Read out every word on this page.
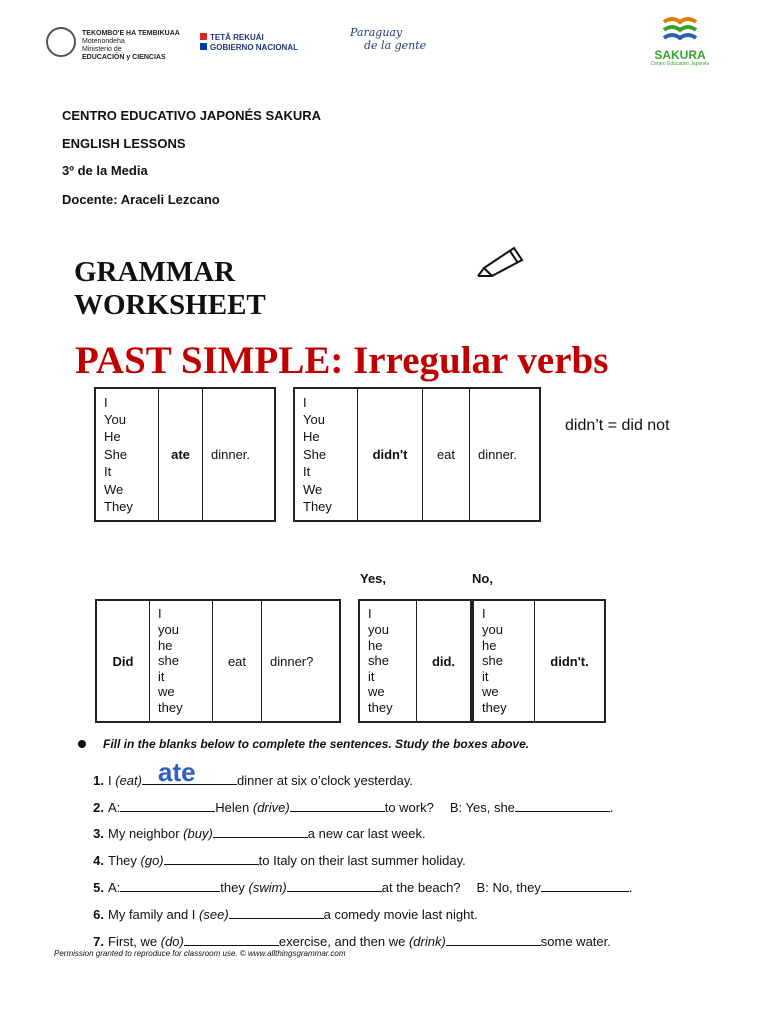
TEKOMBO'E HA TEMBIKUAA
Motenondeha
Ministerio de
EDUCACIÓN y CIENCIAS
TETÃ REKUÁI
GOBIERNO NACIONAL
Paraguay
de la gente
SAKURA
Centro Educativo Japonés
CENTRO EDUCATIVO JAPONÉS SAKURA
ENGLISH LESSONS
3º de la Media
Docente: Araceli Lezcano
GRAMMAR
WORKSHEET
PAST SIMPLE: Irregular verbs
I
You
He
She
It
We
They
	ate	dinner.
I
You
He
She
It
We
They
	didn't	eat	dinner.
didn’t = did not
Yes,	No,
Did	
I
you
he
she
it
we
they
	eat	dinner?
I
you
he
she
it
we
they
	did.
I
you
he
she
it
we
they
	didn't.
Fill in the blanks below to complete the sentences. Study the boxes above.
ate
1. I (eat)	dinner at six o’clock yesterday.
2. A:	Helen (drive)	to work? B: Yes, she	.
3. My neighbor (buy)	a new car last week.
4. They (go)	to Italy on their last summer holiday.
5. A:	they (swim)	at the beach? B: No, they	.
6. My family and I (see)	a comedy movie last night.
7. First, we (do)	exercise, and then we (drink)	some water.
Permission granted to reproduce for classroom use. © www.allthingsgrammar.com
